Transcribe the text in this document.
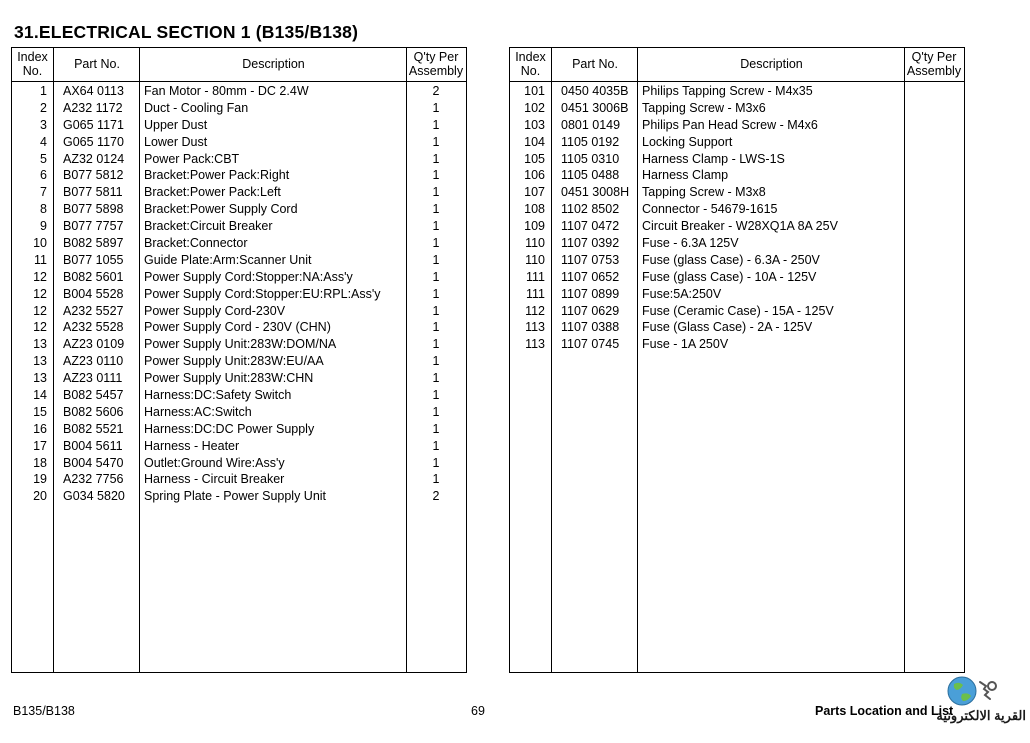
31.ELECTRICAL SECTION 1 (B135/B138)
Index
No.	Part No.	Description	Q'ty Per
Assembly
1 AX64 0113	Fan Motor - 80mm - DC 2.4W	2
2 A232 1172	Duct - Cooling Fan	1
3 G065 1171	Upper Dust	1
4 G065 1170	Lower Dust	1
5 AZ32 0124	Power Pack:CBT	1
6 B077 5812	Bracket:Power Pack:Right	1
7 B077 5811	Bracket:Power Pack:Left	1
8 B077 5898	Bracket:Power Supply Cord	1
9 B077 7757	Bracket:Circuit Breaker	1
10 B082 5897	Bracket:Connector	1
11 B077 1055	Guide Plate:Arm:Scanner Unit	1
12 B082 5601	Power Supply Cord:Stopper:NA:Ass'y	1
12 B004 5528	Power Supply Cord:Stopper:EU:RPL:Ass'y	1
12 A232 5527	Power Supply Cord-230V	1
12 A232 5528	Power Supply Cord - 230V (CHN)	1
13 AZ23 0109	Power Supply Unit:283W:DOM/NA	1
13 AZ23 0110	Power Supply Unit:283W:EU/AA	1
13 AZ23 0111	Power Supply Unit:283W:CHN	1
14 B082 5457	Harness:DC:Safety Switch	1
15 B082 5606	Harness:AC:Switch	1
16 B082 5521	Harness:DC:DC Power Supply	1
17 B004 5611	Harness - Heater	1
18 B004 5470	Outlet:Ground Wire:Ass'y	1
19 A232 7756	Harness - Circuit Breaker	1
20 G034 5820	Spring Plate - Power Supply Unit	2
Index
No.	Part No.	Description	Q'ty Per
Assembly
101 0450 4035B	Philips Tapping Screw - M4x35
102 0451 3006B	Tapping Screw - M3x6
103 0801 0149	Philips Pan Head Screw - M4x6
104 1105 0192	Locking Support
105 1105 0310	Harness Clamp - LWS-1S
106 1105 0488	Harness Clamp
107 0451 3008H	Tapping Screw - M3x8
108 1102 8502	Connector - 54679-1615
109 1107 0472	Circuit Breaker - W28XQ1A 8A 25V
110 1107 0392	Fuse - 6.3A 125V
110 1107 0753	Fuse (glass Case) - 6.3A - 250V
111 1107 0652	Fuse (glass Case) - 10A - 125V
111 1107 0899	Fuse:5A:250V
112 1107 0629	Fuse (Ceramic Case) - 15A - 125V
113 1107 0388	Fuse (Glass Case) - 2A - 125V
113 1107 0745	Fuse - 1A 250V
B135/B138	69	Parts Location and List
القرية الالكترونية
